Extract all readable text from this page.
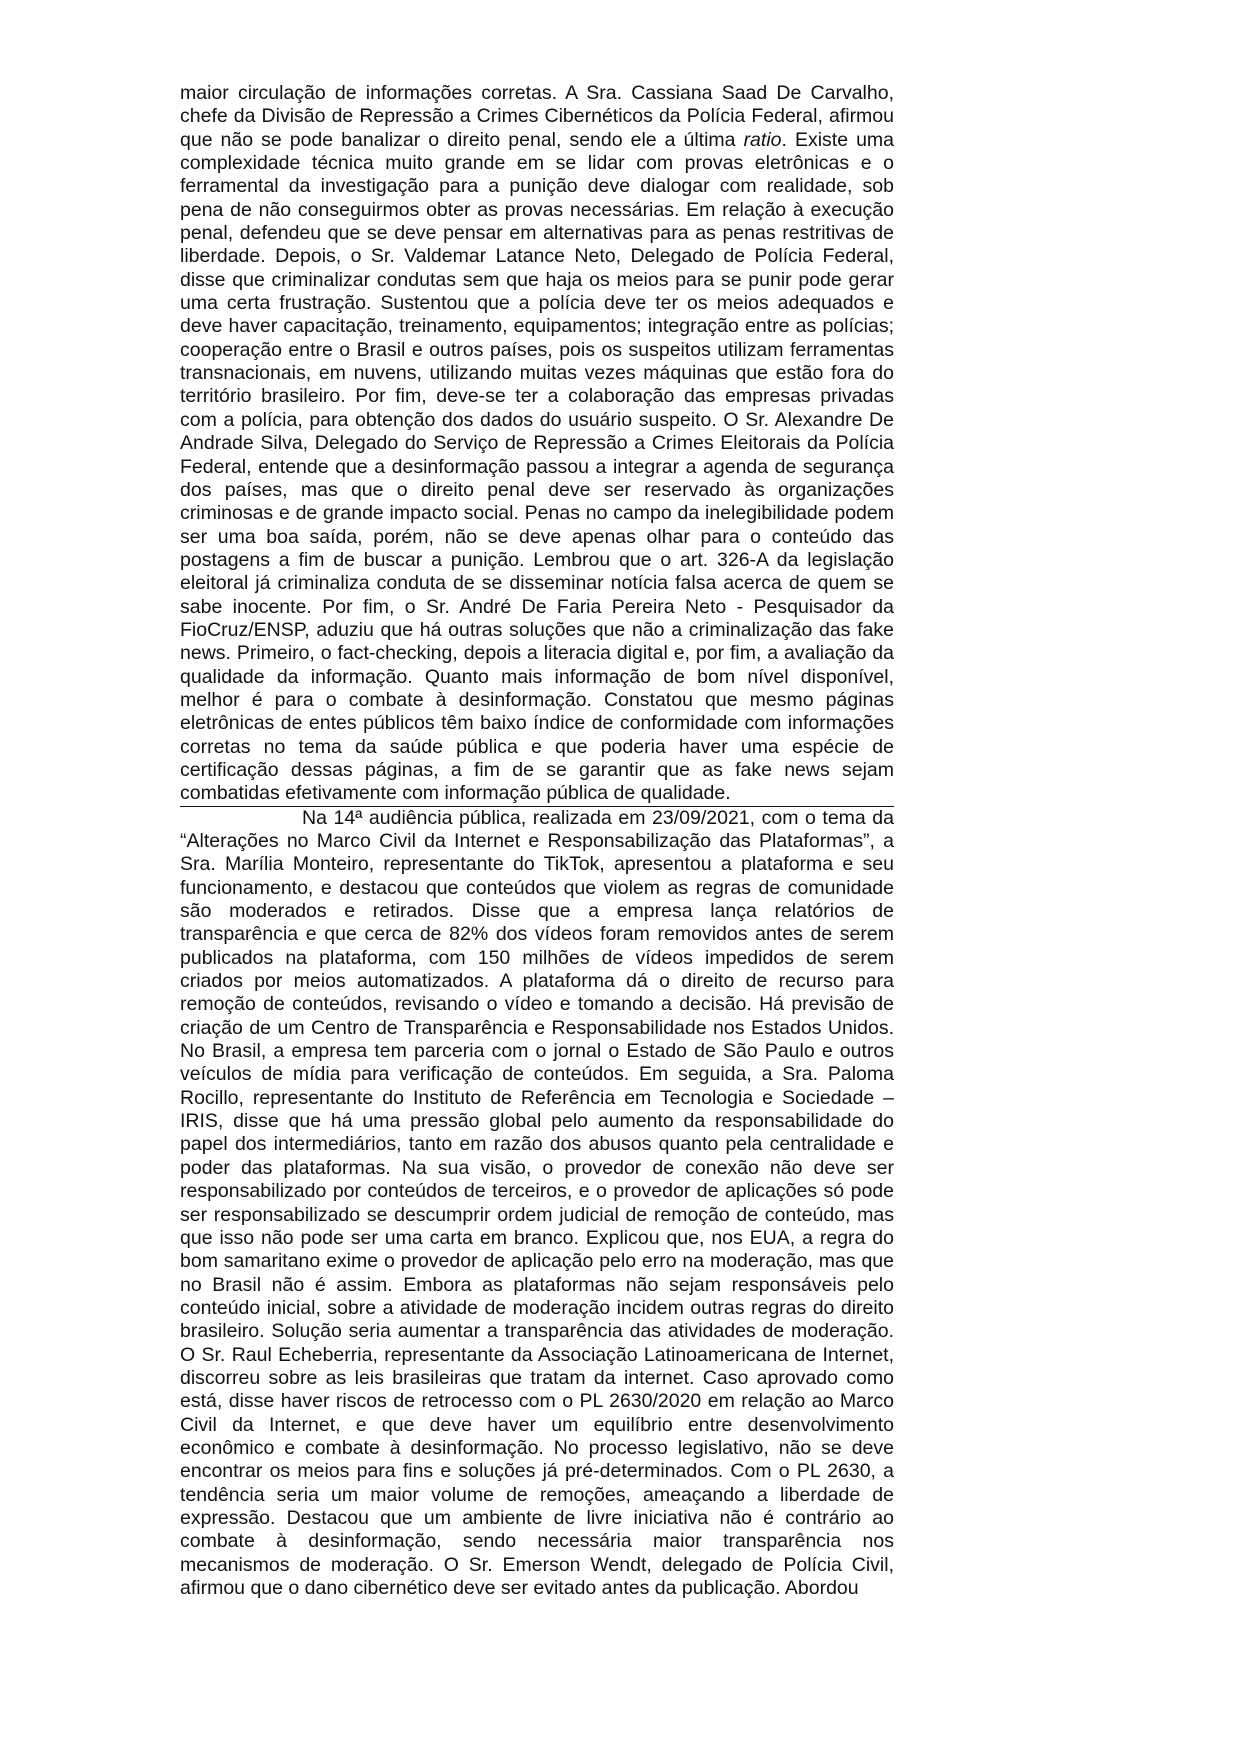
maior circulação de informações corretas. A Sra. Cassiana Saad De Carvalho, chefe da Divisão de Repressão a Crimes Cibernéticos da Polícia Federal, afirmou que não se pode banalizar o direito penal, sendo ele a última ratio. Existe uma complexidade técnica muito grande em se lidar com provas eletrônicas e o ferramental da investigação para a punição deve dialogar com realidade, sob pena de não conseguirmos obter as provas necessárias. Em relação à execução penal, defendeu que se deve pensar em alternativas para as penas restritivas de liberdade. Depois, o Sr. Valdemar Latance Neto, Delegado de Polícia Federal, disse que criminalizar condutas sem que haja os meios para se punir pode gerar uma certa frustração. Sustentou que a polícia deve ter os meios adequados e deve haver capacitação, treinamento, equipamentos; integração entre as polícias; cooperação entre o Brasil e outros países, pois os suspeitos utilizam ferramentas transnacionais, em nuvens, utilizando muitas vezes máquinas que estão fora do território brasileiro. Por fim, deve-se ter a colaboração das empresas privadas com a polícia, para obtenção dos dados do usuário suspeito. O Sr. Alexandre De Andrade Silva, Delegado do Serviço de Repressão a Crimes Eleitorais da Polícia Federal, entende que a desinformação passou a integrar a agenda de segurança dos países, mas que o direito penal deve ser reservado às organizações criminosas e de grande impacto social. Penas no campo da inelegibilidade podem ser uma boa saída, porém, não se deve apenas olhar para o conteúdo das postagens a fim de buscar a punição. Lembrou que o art. 326-A da legislação eleitoral já criminaliza conduta de se disseminar notícia falsa acerca de quem se sabe inocente. Por fim, o Sr. André De Faria Pereira Neto - Pesquisador da FioCruz/ENSP, aduziu que há outras soluções que não a criminalização das fake news. Primeiro, o fact-checking, depois a literacia digital e, por fim, a avaliação da qualidade da informação. Quanto mais informação de bom nível disponível, melhor é para o combate à desinformação. Constatou que mesmo páginas eletrônicas de entes públicos têm baixo índice de conformidade com informações corretas no tema da saúde pública e que poderia haver uma espécie de certificação dessas páginas, a fim de se garantir que as fake news sejam combatidas efetivamente com informação pública de qualidade.

Na 14ª audiência pública, realizada em 23/09/2021, com o tema da “Alterações no Marco Civil da Internet e Responsabilização das Plataformas”, a Sra. Marília Monteiro, representante do TikTok, apresentou a plataforma e seu funcionamento, e destacou que conteúdos que violem as regras de comunidade são moderados e retirados. Disse que a empresa lança relatórios de transparência e que cerca de 82% dos vídeos foram removidos antes de serem publicados na plataforma, com 150 milhões de vídeos impedidos de serem criados por meios automatizados. A plataforma dá o direito de recurso para remoção de conteúdos, revisando o vídeo e tomando a decisão. Há previsão de criação de um Centro de Transparência e Responsabilidade nos Estados Unidos. No Brasil, a empresa tem parceria com o jornal o Estado de São Paulo e outros veículos de mídia para verificação de conteúdos. Em seguida, a Sra. Paloma Rocillo, representante do Instituto de Referência em Tecnologia e Sociedade – IRIS, disse que há uma pressão global pelo aumento da responsabilidade do papel dos intermediários, tanto em razão dos abusos quanto pela centralidade e poder das plataformas. Na sua visão, o provedor de conexão não deve ser responsabilizado por conteúdos de terceiros, e o provedor de aplicações só pode ser responsabilizado se descumprir ordem judicial de remoção de conteúdo, mas que isso não pode ser uma carta em branco. Explicou que, nos EUA, a regra do bom samaritano exime o provedor de aplicação pelo erro na moderação, mas que no Brasil não é assim. Embora as plataformas não sejam responsáveis pelo conteúdo inicial, sobre a atividade de moderação incidem outras regras do direito brasileiro. Solução seria aumentar a transparência das atividades de moderação. O Sr. Raul Echeberria, representante da Associação Latinoamericana de Internet, discorreu sobre as leis brasileiras que tratam da internet. Caso aprovado como está, disse haver riscos de retrocesso com o PL 2630/2020 em relação ao Marco Civil da Internet, e que deve haver um equilíbrio entre desenvolvimento econômico e combate à desinformação. No processo legislativo, não se deve encontrar os meios para fins e soluções já pré-determinados. Com o PL 2630, a tendência seria um maior volume de remoções, ameaçando a liberdade de expressão. Destacou que um ambiente de livre iniciativa não é contrário ao combate à desinformação, sendo necessária maior transparência nos mecanismos de moderação. O Sr. Emerson Wendt, delegado de Polícia Civil, afirmou que o dano cibernético deve ser evitado antes da publicação. Abordou
